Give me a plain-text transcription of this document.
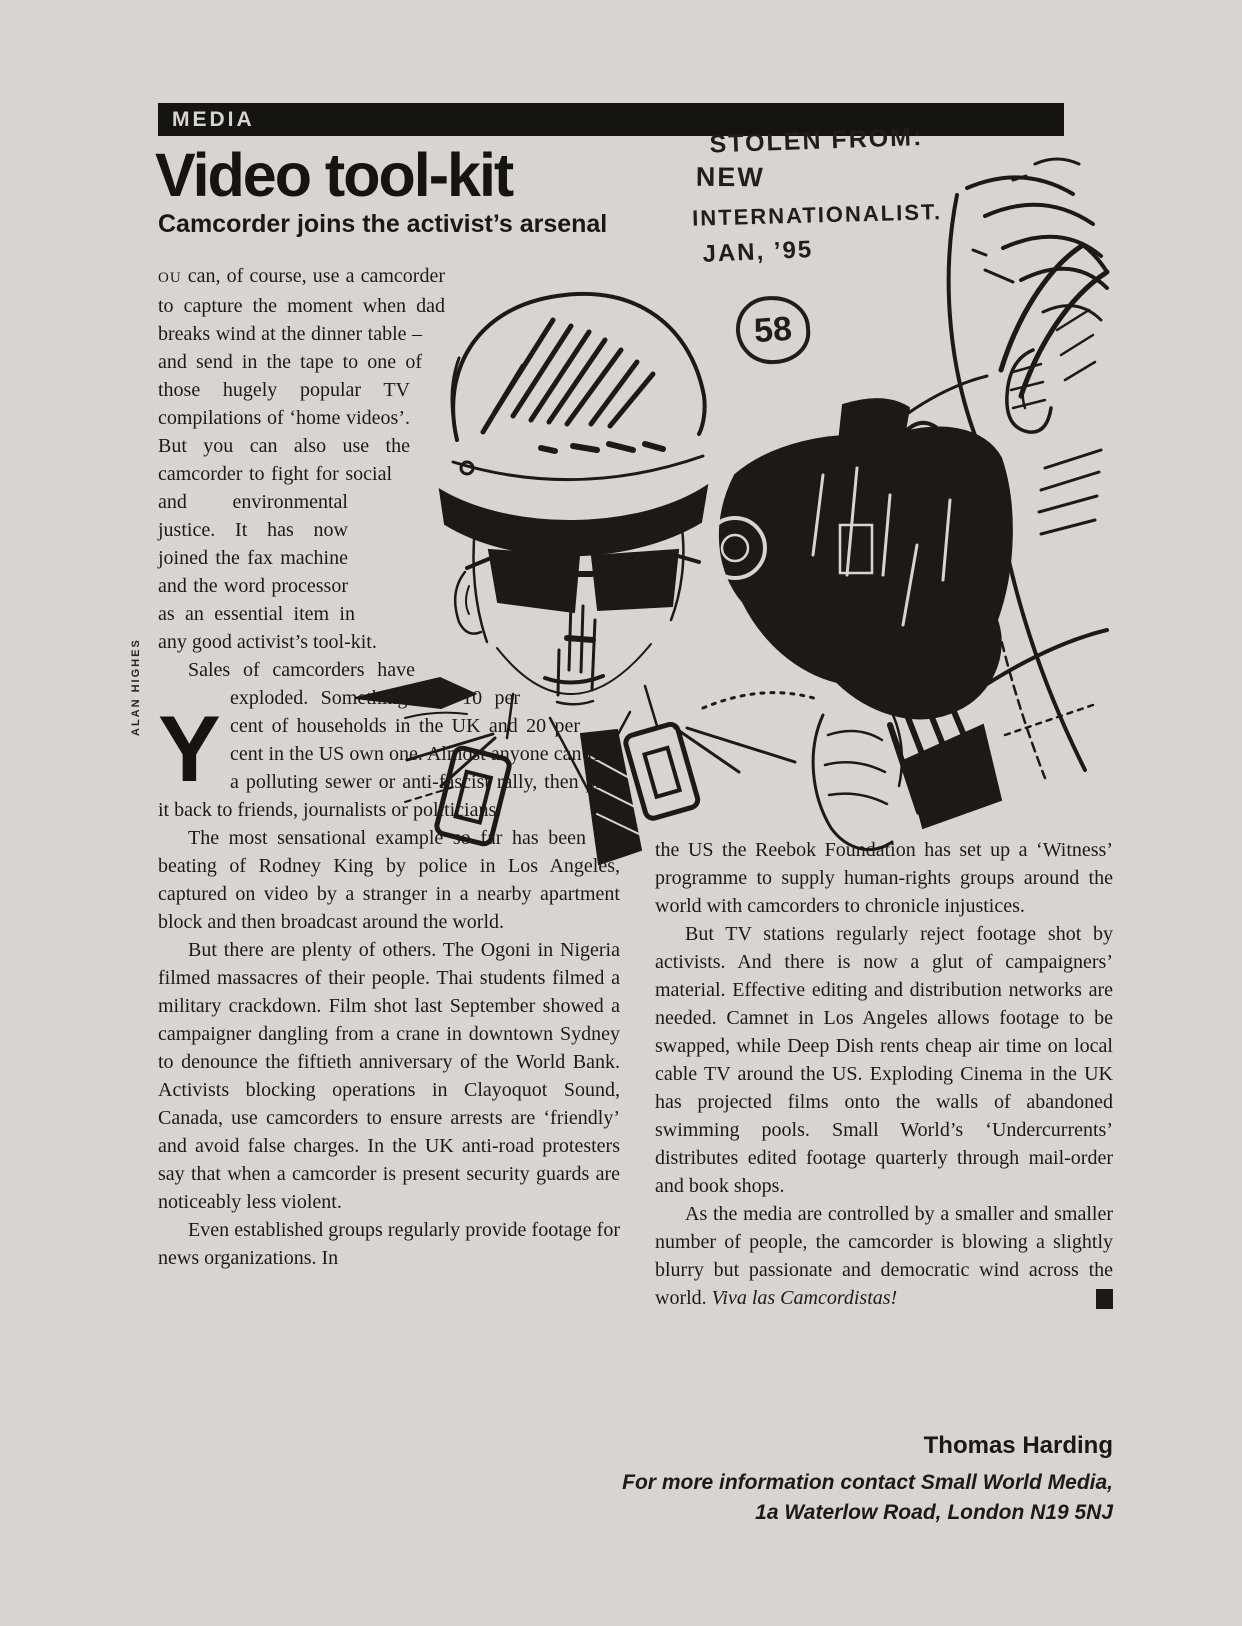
MEDIA
Video tool-kit
Camcorder joins the activist’s arsenal
STOLEN FROM:
NEW
INTERNATIONALIST.
JAN, ’95
58
ALAN HIGHES

Y
OU can, of course, use a camcorder to capture the moment when dad breaks wind at the dinner table – and send in the tape to one of those hugely popular TV compilations of ‘home videos’. But you can also use the camcorder to fight for social and environmental justice. It has now joined the fax machine and the word processor as an essential item in any good activist’s tool-kit.

Sales of camcorders have exploded. Something like 10 per cent of households in the UK and 20 per cent in the US own one. Almost anyone can film a polluting sewer or anti-fascist rally, then play it back to friends, journalists or politicians.

The most sensational example so far has been the beating of Rodney King by police in Los Angeles, captured on video by a stranger in a nearby apartment block and then broadcast around the world.

But there are plenty of others. The Ogoni in Nigeria filmed massacres of their people. Thai students filmed a military crackdown. Film shot last September showed a campaigner dangling from a crane in downtown Sydney to denounce the fiftieth anniversary of the World Bank. Activists blocking operations in Clayoquot Sound, Canada, use camcorders to ensure arrests are ‘friendly’ and avoid false charges. In the UK anti-road protesters say that when a camcorder is present security guards are noticeably less violent.

Even established groups regularly provide footage for news organizations. In

the US the Reebok Foundation has set up a ‘Witness’ programme to supply human-rights groups around the world with camcorders to chronicle injustices.

But TV stations regularly reject footage shot by activists. And there is now a glut of campaigners’ material. Effective editing and distribution networks are needed. Camnet in Los Angeles allows footage to be swapped, while Deep Dish rents cheap air time on local cable TV around the US. Exploding Cinema in the UK has projected films onto the walls of abandoned swimming pools. Small World’s ‘Undercurrents’ distributes edited footage quarterly through mail-order and book shops.

As the media are controlled by a smaller and smaller number of people, the camcorder is blowing a slightly blurry but passionate and democratic wind across the world. Viva las Camcordistas!

Thomas Harding
For more information contact Small World Media,
1a Waterlow Road, London N19 5NJ
